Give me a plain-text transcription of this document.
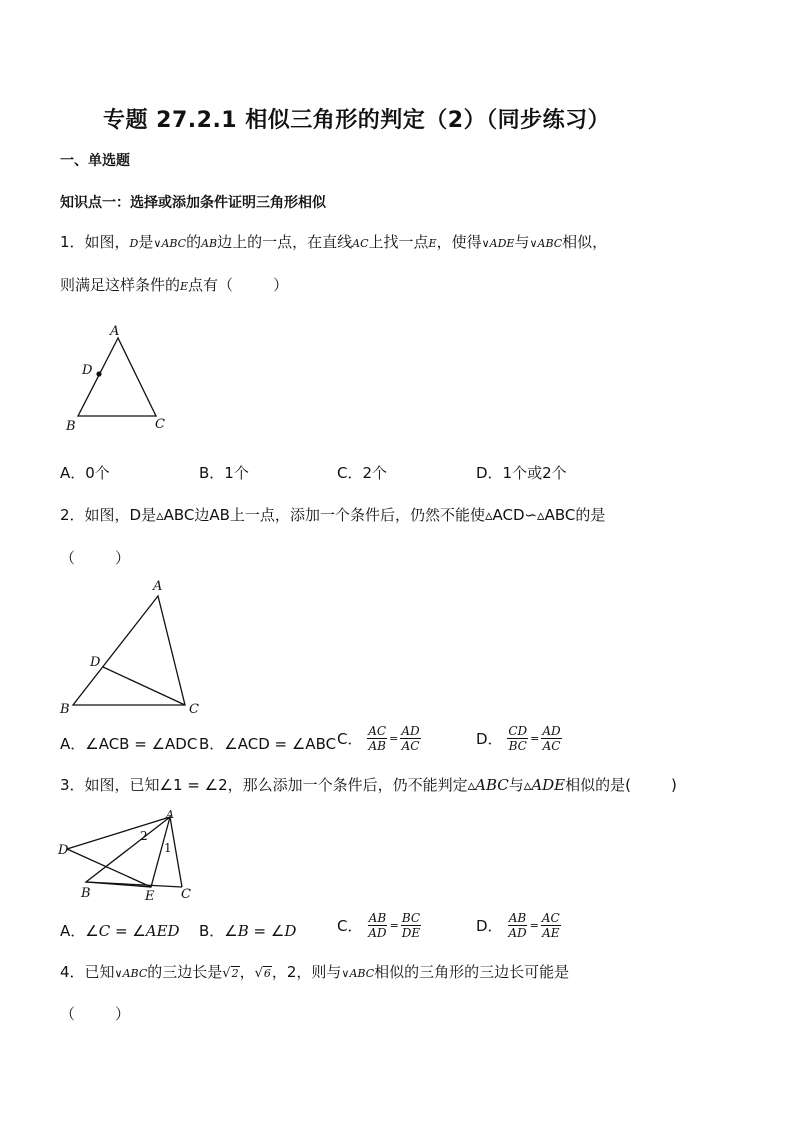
专题 27.2.1 相似三角形的判定（2）（同步练习）
一、单选题
知识点一：选择或添加条件证明三角形相似
1．如图，D是∨ABC的AB边上的一点，在直线AC上找一点E，使得∨ADE与∨ABC相似，
则满足这样条件的E点有（	）
A
D
B	C
A．0个	B．1个	C．2个	D．1个或2个
2．如图，D是▵ABC边AB上一点，添加一个条件后，仍然不能使▵ACD∽▵ABC的是
（	）
A
D
B	C
A．∠ACB = ∠ADC B．∠ACD = ∠ABC C． $\frac{AC}{AB} = \frac{AD}{AC}$	D． $\frac{CD}{BC} = \frac{AD}{AC}$
3．如图，已知∠1 = ∠2，那么添加一个条件后，仍不能判定▵ABC与▵ADE相似的是(	)
A
D
B	E C
2
1
A．∠C = ∠AED B．∠B = ∠D	C． $\frac{AB}{AD} = \frac{BC}{DE}$	D． $\frac{AB}{AD} = \frac{AC}{AE}$
4．已知∨ABC的三边长是√2，√6，2，则与∨ABC相似的三角形的三边长可能是
（	）
